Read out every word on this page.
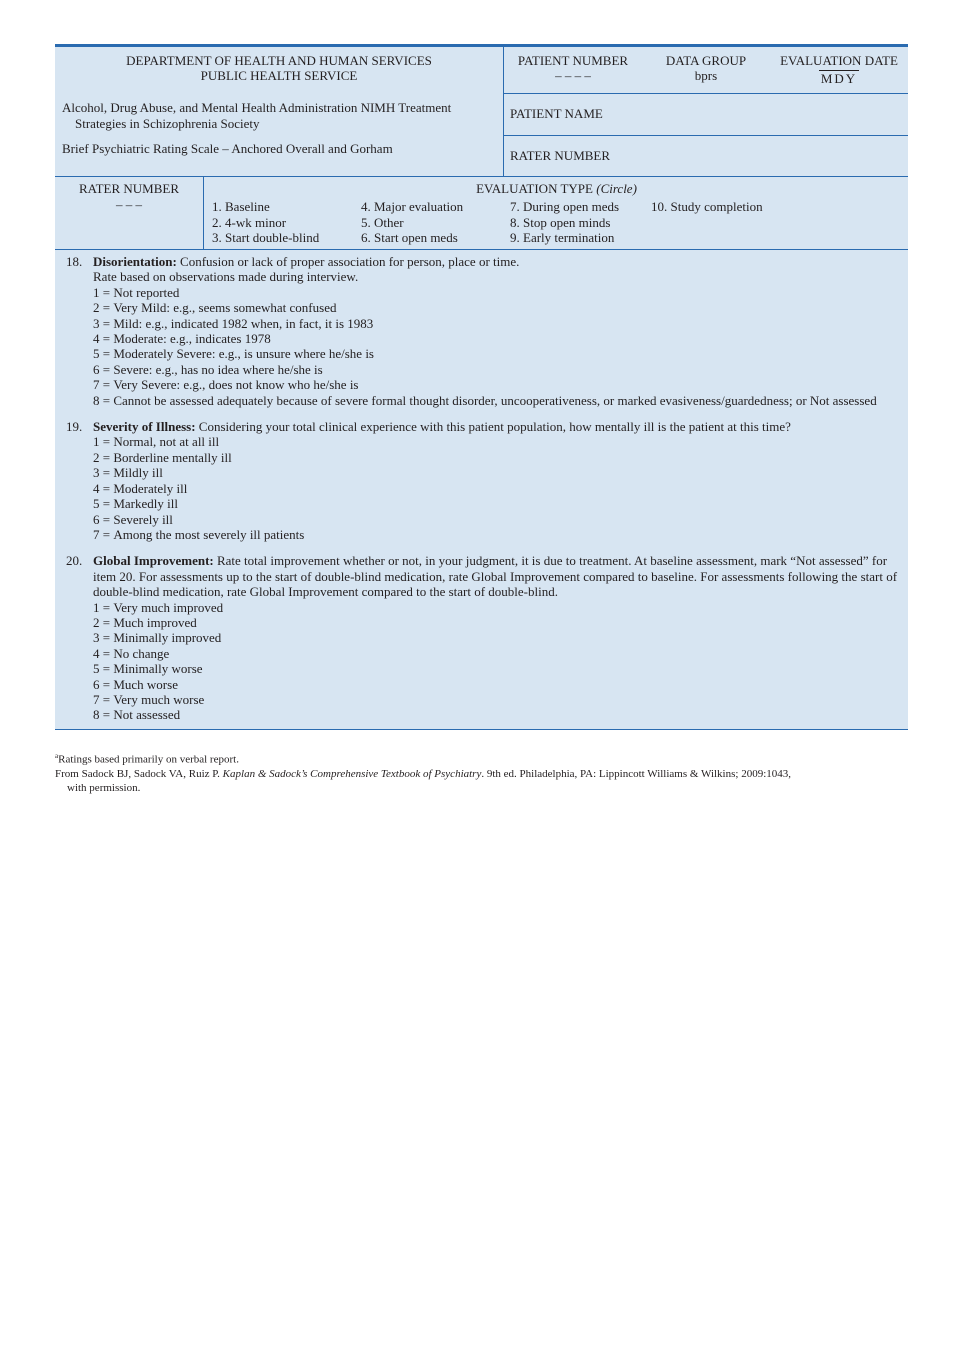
DEPARTMENT OF HEALTH AND HUMAN SERVICES
PUBLIC HEALTH SERVICE
Alcohol, Drug Abuse, and Mental Health Administration NIMH Treatment
Strategies in Schizophrenia Society
Brief Psychiatric Rating Scale – Anchored Overall and Gorham
PATIENT NUMBER
– – – –
DATA GROUP
bprs
EVALUATION DATE
MDY
PATIENT NAME
RATER NUMBER
RATER NUMBER
– – –
EVALUATION TYPE (Circle)
1. Baseline
2. 4-wk minor
3. Start double-blind
4. Major evaluation
5. Other
6. Start open meds
7. During open meds
8. Stop open minds
9. Early termination
10. Study completion
18. Disorientation: Confusion or lack of proper association for person, place or time.
Rate based on observations made during interview.
1 = Not reported
2 = Very Mild: e.g., seems somewhat confused
3 = Mild: e.g., indicated 1982 when, in fact, it is 1983
4 = Moderate: e.g., indicates 1978
5 = Moderately Severe: e.g., is unsure where he/she is
6 = Severe: e.g., has no idea where he/she is
7 = Very Severe: e.g., does not know who he/she is
8 = Cannot be assessed adequately because of severe formal thought disorder, uncooperativeness, or marked evasiveness/guardedness; or Not assessed
19. Severity of Illness: Considering your total clinical experience with this patient population, how mentally ill is the patient at this time?
1 = Normal, not at all ill
2 = Borderline mentally ill
3 = Mildly ill
4 = Moderately ill
5 = Markedly ill
6 = Severely ill
7 = Among the most severely ill patients
20. Global Improvement: Rate total improvement whether or not, in your judgment, it is due to treatment. At baseline assessment, mark “Not assessed” for item 20. For assessments up to the start of double-blind medication, rate Global Improvement compared to baseline. For assessments following the start of double-blind medication, rate Global Improvement compared to the start of double-blind.
1 = Very much improved
2 = Much improved
3 = Minimally improved
4 = No change
5 = Minimally worse
6 = Much worse
7 = Very much worse
8 = Not assessed
$^a$Ratings based primarily on verbal report.
From Sadock BJ, Sadock VA, Ruiz P. Kaplan & Sadock’s Comprehensive Textbook of Psychiatry. 9th ed. Philadelphia, PA: Lippincott Williams & Wilkins; 2009:1043,
with permission.
